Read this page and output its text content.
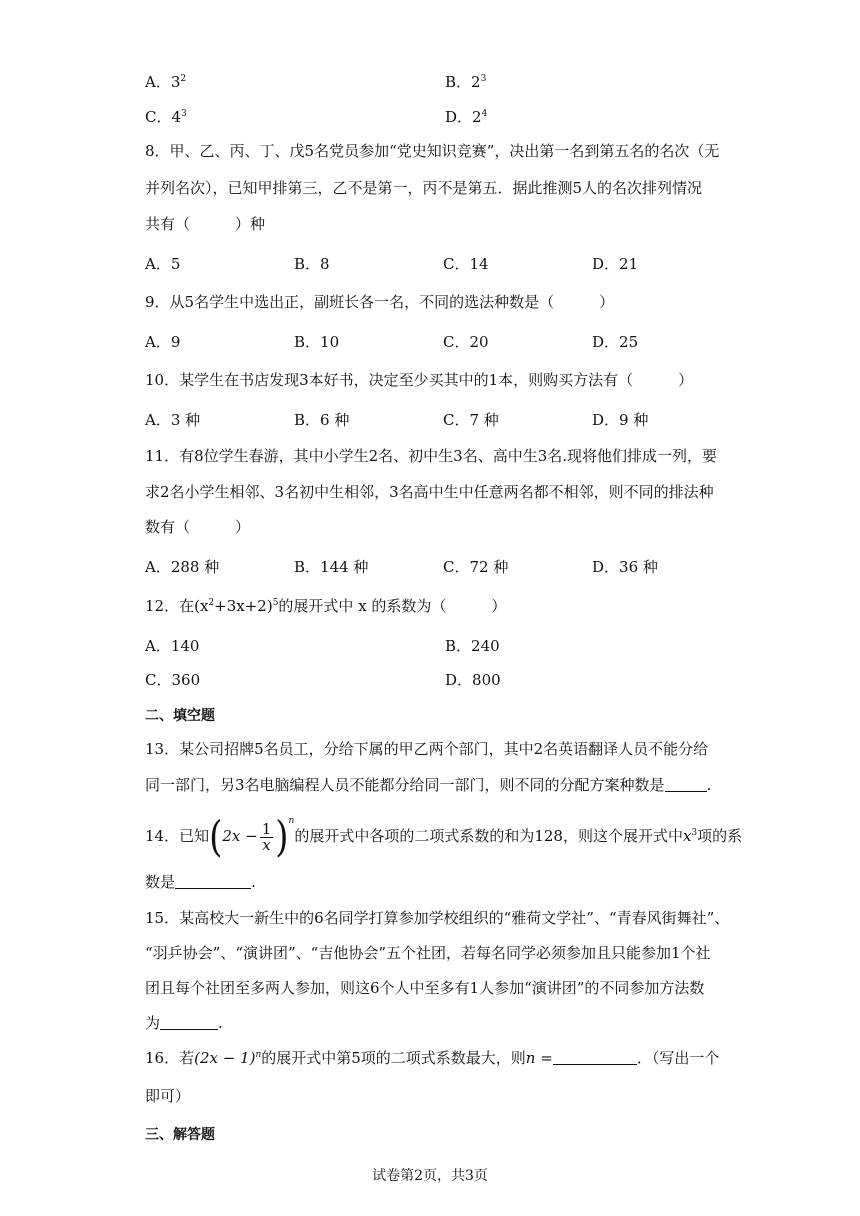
A．$3^2$	B．$2^3$
C．$4^3$	D．$2^4$
8．甲、乙、丙、丁、戊5名党员参加“党史知识竞赛”，决出第一名到第五名的名次（无
并列名次），已知甲排第三，乙不是第一，丙不是第五．据此推测5人的名次排列情况
共有（　　　）种
A．5	B．8	C．14	D．21
9．从5名学生中选出正，副班长各一名，不同的选法种数是（　　　）
A．9	B．10	C．20	D．25
10．某学生在书店发现3本好书，决定至少买其中的1本，则购买方法有（　　　）
A．3 种	B．6 种	C．7 种	D．9 种
11．有8位学生春游，其中小学生2名、初中生3名、高中生3名.现将他们排成一列，要
求2名小学生相邻、3名初中生相邻，3名高中生中任意两名都不相邻，则不同的排法种
数有（　　　）
A．288 种	B．144 种	C．72 种	D．36 种
12．在$(x^2+3x+2)^5$的展开式中 x 的系数为（　　　）
A．140	B．240
C．360	D．800
二、填空题
13．某公司招牌5名员工，分给下属的甲乙两个部门，其中2名英语翻译人员不能分给
同一部门，另3名电脑编程人员不能都分给同一部门，则不同的分配方案种数是	.
14．已知$(2x - \frac{1}{x} )^n$的展开式中各项的二项式系数的和为128，则这个展开式中$x^3$项的系
数是	.
15．某高校大一新生中的6名同学打算参加学校组织的“雅荷文学社”、“青春风街舞社”、
“羽乒协会”、“演讲团”、“吉他协会”五个社团，若每名同学必须参加且只能参加1个社
团且每个社团至多两人参加，则这6个人中至多有1人参加“演讲团”的不同参加方法数
为	.
16．若$(2x - 1)^n$的展开式中第5项的二项式系数最大，则n =	．（写出一个
即可）
三、解答题
试卷第2页，共3页
